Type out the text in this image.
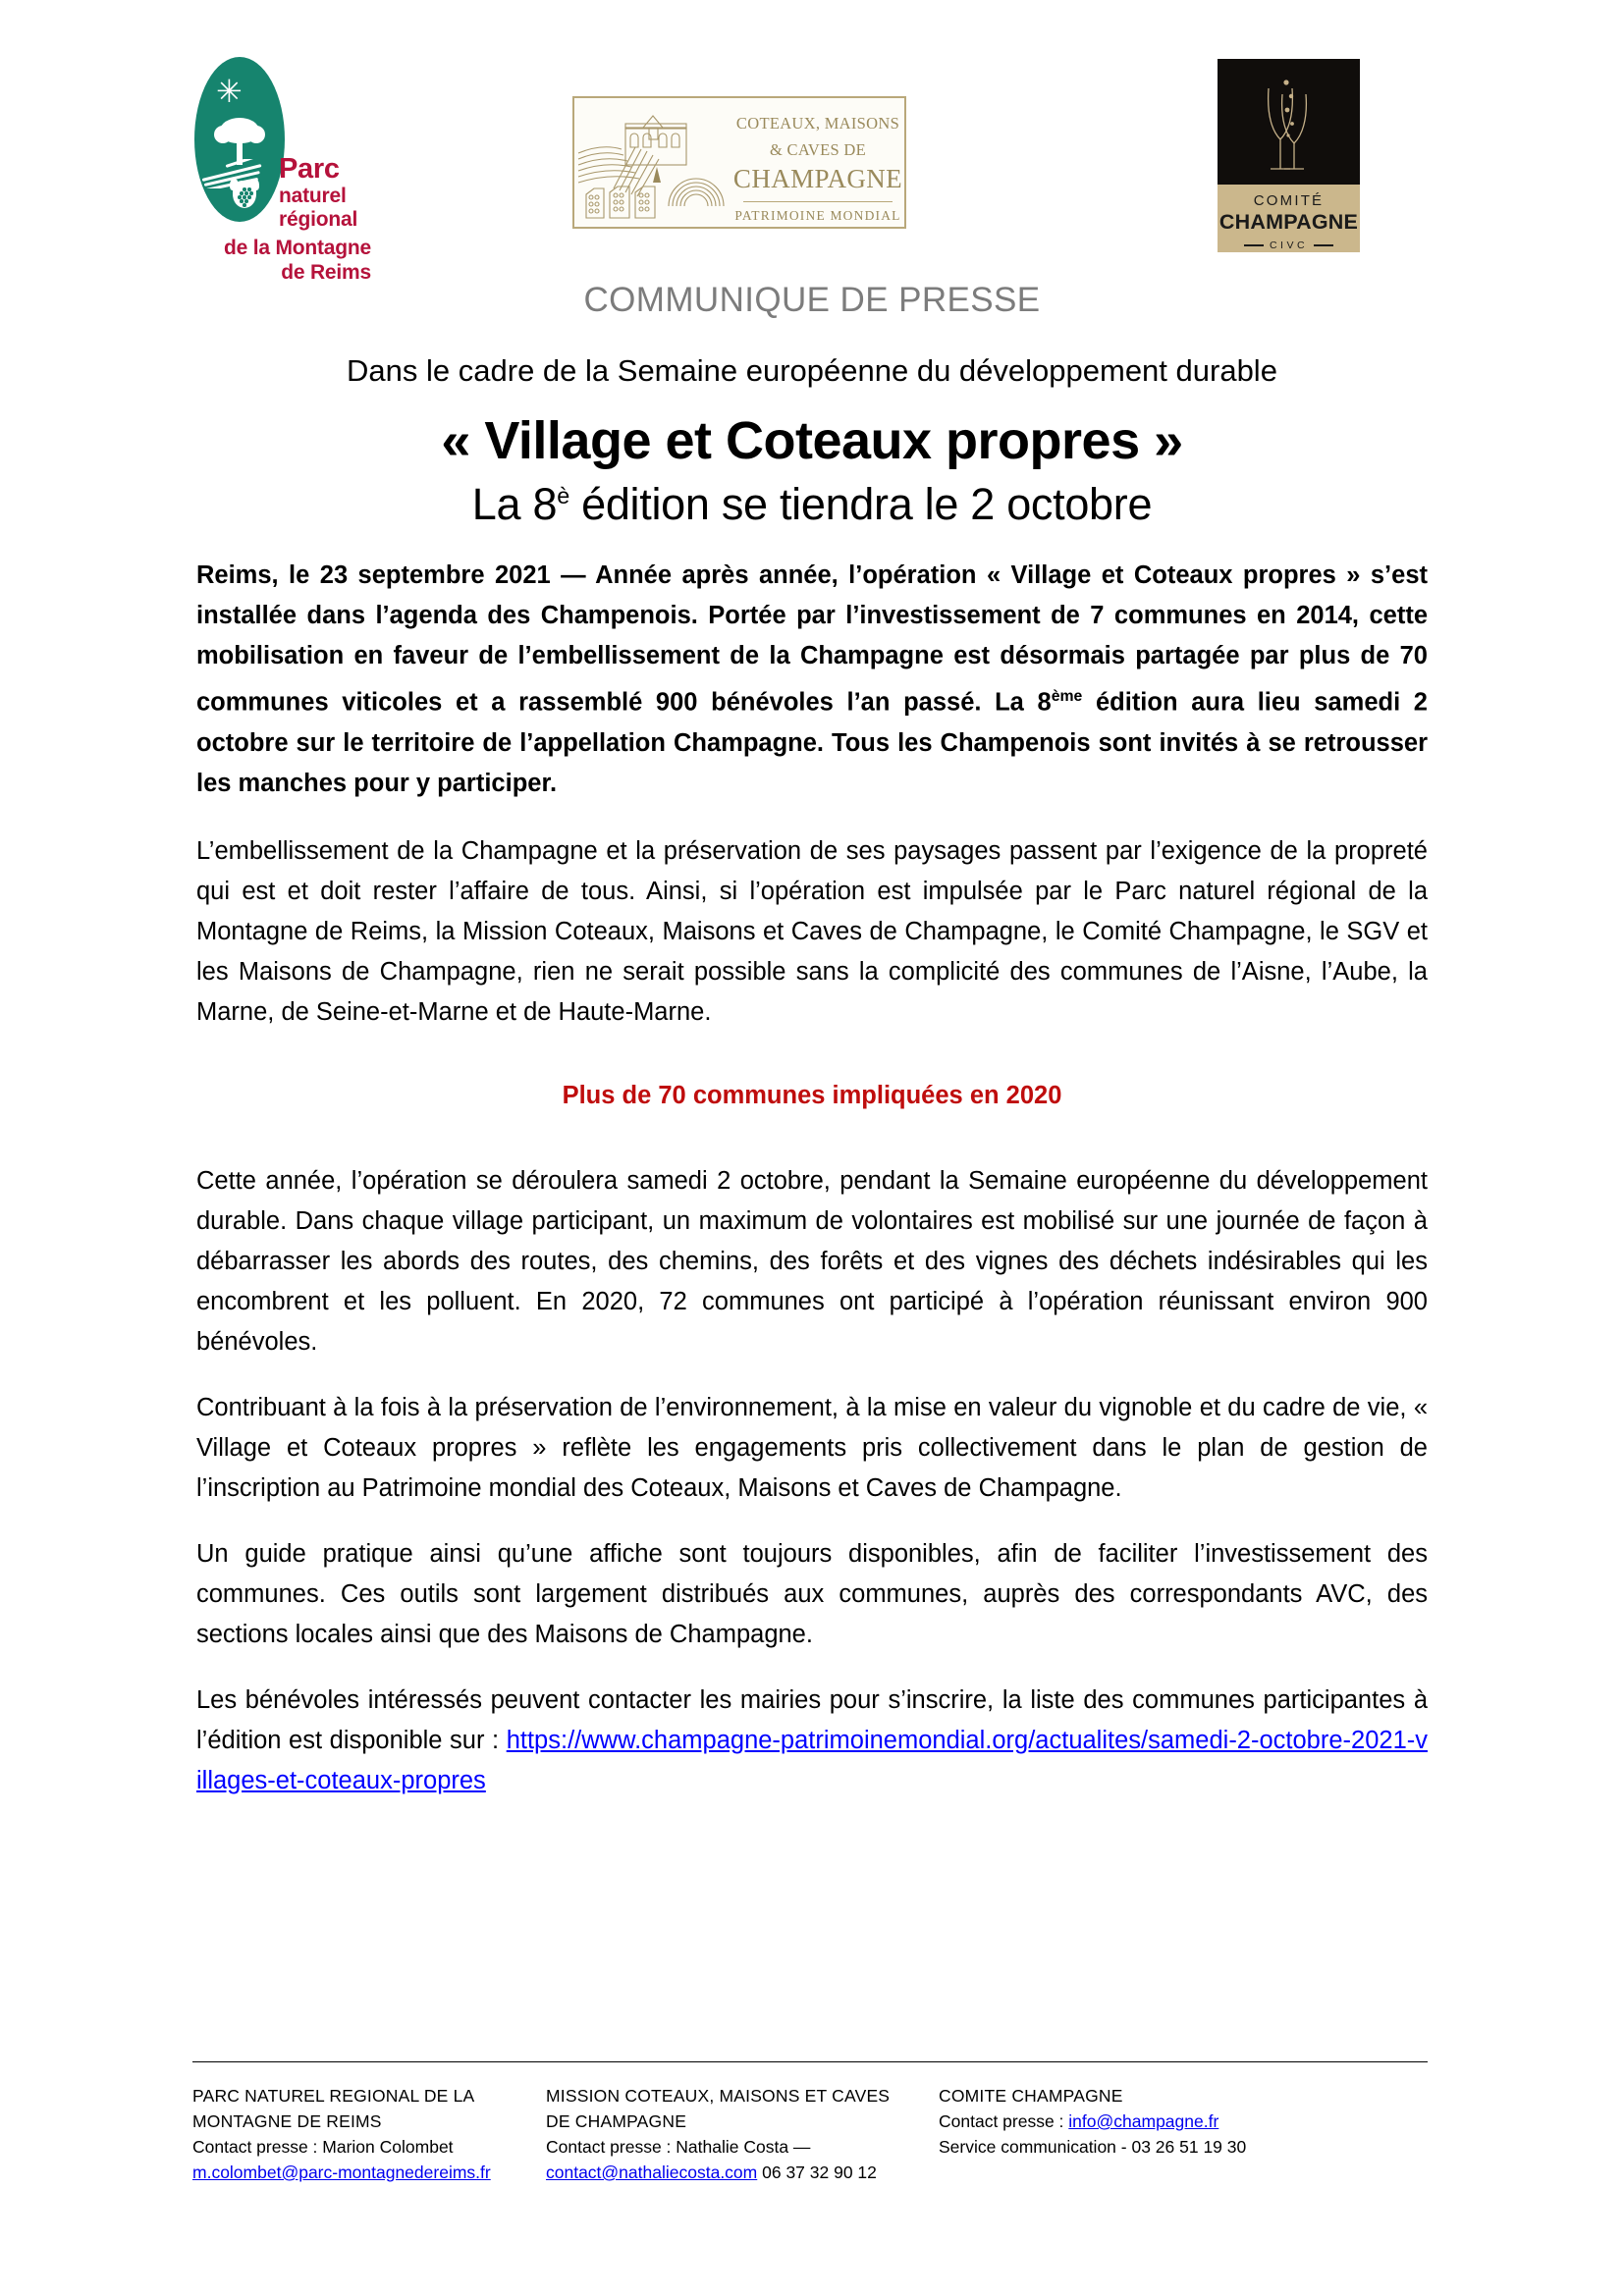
✳
Parc
naturel
régional
de la Montagne
de Reims
COTEAUX, MAISONS
& CAVES DE
CHAMPAGNE
PATRIMOINE MONDIAL
COMITÉ
CHAMPAGNE
CIVC
COMMUNIQUE DE PRESSE
Dans le cadre de la Semaine européenne du développement durable
« Village et Coteaux propres »
La $8^è$ édition se tiendra le 2 octobre

Reims, le 23 septembre 2021 — Année après année, l’opération « Village et Coteaux propres » s’est installée dans l’agenda des Champenois. Portée par l’investissement de 7 communes en 2014, cette mobilisation en faveur de l’embellissement de la Champagne est désormais partagée par plus de 70 communes viticoles et a rassemblé 900 bénévoles l’an passé. La 8ème édition aura lieu samedi 2 octobre sur le territoire de l’appellation Champagne. Tous les Champenois sont invités à se retrousser les manches pour y participer.

L’embellissement de la Champagne et la préservation de ses paysages passent par l’exigence de la propreté qui est et doit rester l’affaire de tous. Ainsi, si l’opération est impulsée par le Parc naturel régional de la Montagne de Reims, la Mission Coteaux, Maisons et Caves de Champagne, le Comité Champagne, le SGV et les Maisons de Champagne, rien ne serait possible sans la complicité des communes de l’Aisne, l’Aube, la Marne, de Seine-et-Marne et de Haute-Marne.

Plus de 70 communes impliquées en 2020

Cette année, l’opération se déroulera samedi 2 octobre, pendant la Semaine européenne du développement durable. Dans chaque village participant, un maximum de volontaires est mobilisé sur une journée de façon à débarrasser les abords des routes, des chemins, des forêts et des vignes des déchets indésirables qui les encombrent et les polluent. En 2020, 72 communes ont participé à l’opération réunissant environ 900 bénévoles.

Contribuant à la fois à la préservation de l’environnement, à la mise en valeur du vignoble et du cadre de vie, « Village et Coteaux propres » reflète les engagements pris collectivement dans le plan de gestion de l’inscription au Patrimoine mondial des Coteaux, Maisons et Caves de Champagne.

Un guide pratique ainsi qu’une affiche sont toujours disponibles, afin de faciliter l’investissement des communes. Ces outils sont largement distribués aux communes, auprès des correspondants AVC, des sections locales ainsi que des Maisons de Champagne.

Les bénévoles intéressés peuvent contacter les mairies pour s’inscrire, la liste des communes participantes à l’édition est disponible sur : https://www.champagne-patrimoinemondial.org/actualites/samedi-2-octobre-2021-villages-et-coteaux-propres

PARC NATUREL REGIONAL DE LA
MONTAGNE DE REIMS
Contact presse : Marion Colombet
m.colombet@parc-montagnedereims.fr
MISSION COTEAUX, MAISONS ET CAVES
DE CHAMPAGNE
Contact presse : Nathalie Costa —
contact@nathaliecosta.com 06 37 32 90 12
COMITE CHAMPAGNE
Contact presse : info@champagne.fr
Service communication - 03 26 51 19 30
